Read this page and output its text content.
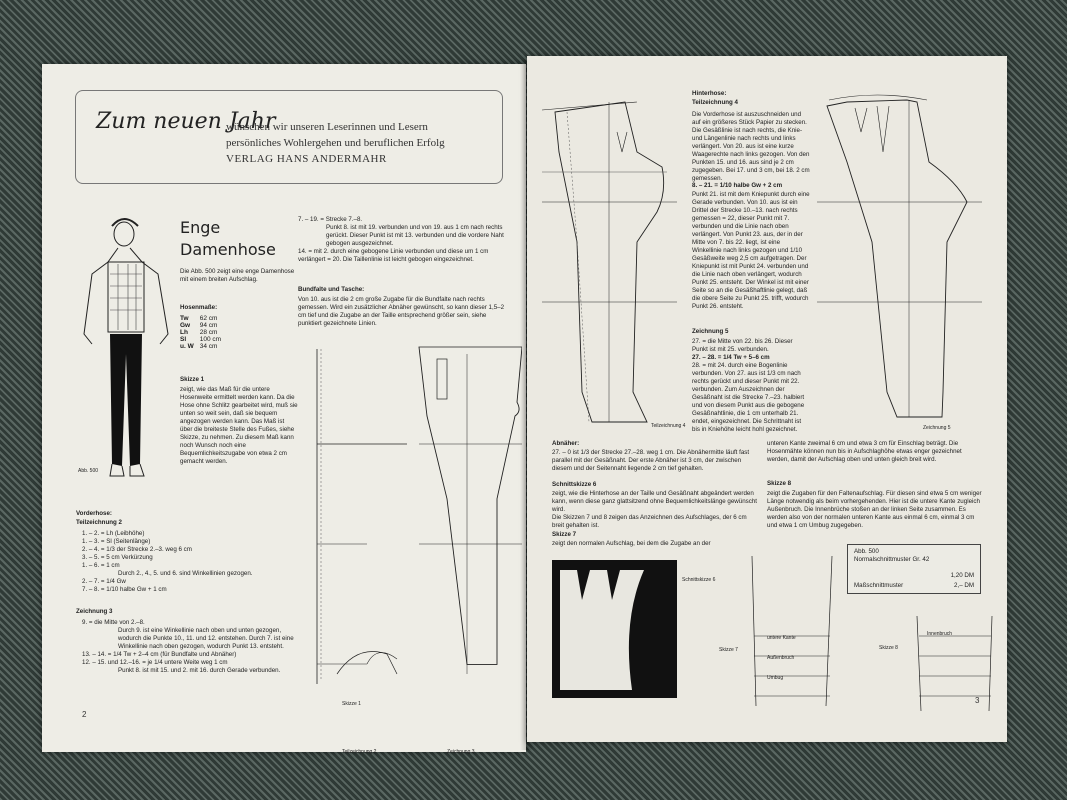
Zum neuen Jahr
wünschen wir unseren Leserinnen und Lesern
persönliches Wohlergehen und beruflichen Erfolg
VERLAG HANS ANDERMAHR
Abb. 500
Enge
Damenhose
Die Abb. 500 zeigt eine enge Damenhose mit einem breiten Aufschlag.
Hosenmaße:
Tw	62 cm
Gw	94 cm
Lh	28 cm
Sl	100 cm
u. W	34 cm
Skizze 1
zeigt, wie das Maß für die untere Hosenweite ermittelt werden kann. Da die Hose ohne Schlitz gearbeitet wird, muß sie unten so weit sein, daß sie bequem angezogen werden kann. Das Maß ist über die breiteste Stelle des Fußes, siehe Skizze, zu nehmen. Zu diesem Maß kann noch Wunsch noch eine Bequemlichkeitszugabe von etwa 2 cm gemacht werden.
Vorderhose:
Teilzeichnung 2
1. – 2. = Lh (Leibhöhe)
1. – 3. = Sl (Seitenlänge)
2. – 4. = 1/3 der Strecke 2.–3. weg 6 cm
3. – 5. = 5 cm Verkürzung
1. – 6. = 1 cm
Durch 2., 4., 5. und 6. sind Winkellinien gezogen.
2. – 7. = 1/4 Gw
7. – 8. = 1/10 halbe Gw + 1 cm
Zeichnung 3
9. = die Mitte von 2.–8.
Durch 9. ist eine Winkellinie nach oben und unten gezogen, wodurch die Punkte 10., 11. und 12. entstehen. Durch 7. ist eine Winkellinie nach oben gezogen, wodurch Punkt 13. entsteht.
13. – 14. = 1/4 Tw + 2–4 cm (für Bundfalte und Abnäher)
12. – 15. und 12.–16. = je 1/4 untere Weite weg 1 cm
Punkt 8. ist mit 15. und 2. mit 16. durch Gerade verbunden.
7. – 19. = Strecke 7.–8.
Punkt 8. ist mit 19. verbunden und von 19. aus 1 cm nach rechts gerückt. Dieser Punkt ist mit 13. verbunden und die vordere Naht gebogen ausgezeichnet.
14. = mit 2. durch eine gebogene Linie verbunden und diese um 1 cm verlängert = 20. Die Taillenlinie ist leicht gebogen eingezeichnet.
Bundfalte und Tasche:
Von 10. aus ist die 2 cm große Zugabe für die Bundfalte nach rechts gemessen. Wird ein zusätzlicher Abnäher gewünscht, so kann dieser 1,5–2 cm tief und die Zugabe an der Taille entsprechend größer sein, siehe punktiert gezeichnete Linien.
Skizze 1
Teilzeichnung 2	Zeichnung 3
2
Teilzeichnung 4
Hinterhose:
Teilzeichnung 4
Die Vorderhose ist auszuschneiden und auf ein größeres Stück Papier zu stecken. Die Gesäßlinie ist nach rechts, die Knie- und Längenlinie nach rechts und links verlängert. Von 20. aus ist eine kurze Waagerechte nach links gezogen. Von den Punkten 15. und 16. aus sind je 2 cm zugegeben. Bei 17. und 3 cm, bei 18. 2 cm gemessen.
8. – 21. = 1/10 halbe Gw + 2 cm
Punkt 21. ist mit dem Kniepunkt durch eine Gerade verbunden. Von 10. aus ist ein Drittel der Strecke 10.–13. nach rechts gemessen = 22, dieser Punkt mit 7. verbunden und die Linie nach oben verlängert. Von Punkt 23. aus, der in der Mitte von 7. bis 22. liegt, ist eine Winkellinie nach links gezogen und 1/10 Gesäßweite weg 2,5 cm aufgetragen. Der Kniepunkt ist mit Punkt 24. verbunden und die Linie nach oben verlängert, wodurch Punkt 25. entsteht. Der Winkel ist mit einer Seite so an die Gesäßhaftlinie gelegt, daß die obere Seite zu Punkt 25. trifft, wodurch Punkt 26. entsteht.
Zeichnung 5
27. = die Mitte von 22. bis 26. Dieser Punkt ist mit 25. verbunden.
27. – 28. = 1/4 Tw + 5–6 cm
28. = mit 24. durch eine Bogenlinie verbunden. Von 27. aus ist 1/3 cm nach rechts gerückt und dieser Punkt mit 22. verbunden. Zum Auszeichnen der Gesäßnaht ist die Strecke 7.–23. halbiert und von diesem Punkt aus die gebogene Gesäßnahtlinie, die 1 cm unterhalb 21. endet, eingezeichnet. Die Schrittnaht ist bis in Kniehöhe leicht hohl gezeichnet.	Zeichnung 5
Abnäher:
27. – 0 ist 1/3 der Strecke 27.–28. weg 1 cm. Die Abnähermitte läuft fast parallel mit der Gesäßnaht. Der erste Abnäher ist 3 cm, der zwischen diesem und der Seitennaht liegende 2 cm tief gehalten.
Schnittskizze 6
zeigt, wie die Hinterhose an der Taille und Gesäßnaht abgeändert werden kann, wenn diese ganz glattsitzend ohne Bequemlichkeitslänge gewünscht wird.
Die Skizzen 7 und 8 zeigen das Anzeichnen des Aufschlages, der 6 cm breit gehalten ist.
Skizze 7
zeigt den normalen Aufschlag, bei dem die Zugabe an der
unteren Kante zweimal 6 cm und etwa 3 cm für Einschlag beträgt. Die Hosenmähte können nun bis in Aufschlaghöhe etwas enger gezeichnet werden, damit der Aufschlag oben und unten gleich breit wird.
Skizze 8
zeigt die Zugaben für den Faltenaufschlag. Für diesen sind etwa 5 cm weniger Länge notwendig als beim vorhergehenden. Hier ist die untere Kante zugleich Außenbruch. Die Innenbrüche stoßen an der linken Seite zusammen. Es werden also von der normalen unteren Kante aus einmal 6 cm, einmal 3 cm und etwa 1 cm Umbug zugegeben.
Abb. 500
Normalschnittmuster Gr. 42
1,20 DM
Maßschnittmuster	2,– DM
Schnittskizze 6
Skizze 7
untere Kante
Außenbruch
Umbug
Skizze 8
Innenbruch
3
